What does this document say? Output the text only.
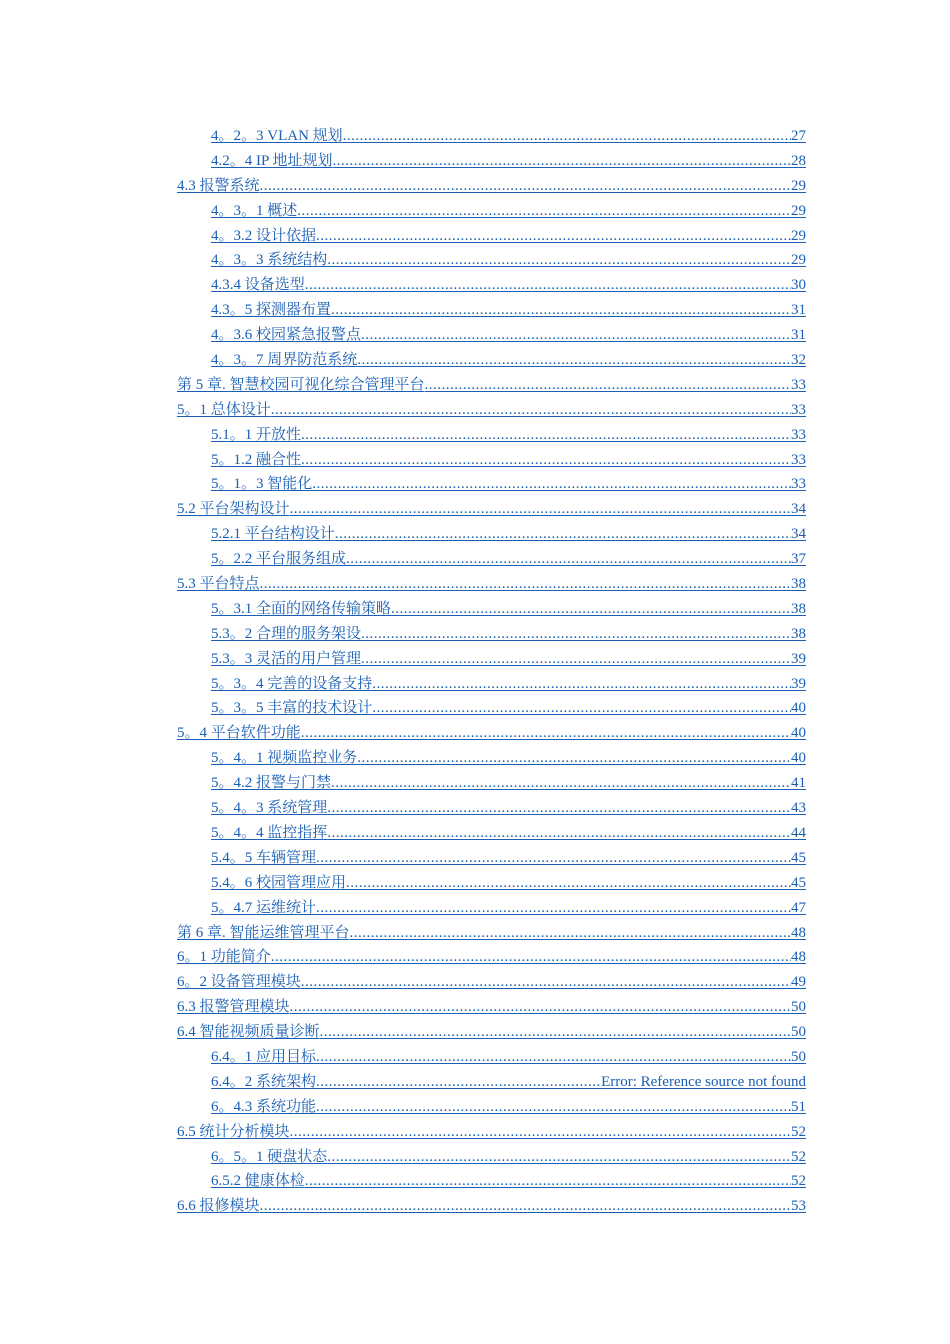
4。2。3 VLAN 规划 .....	27
4.2。4 IP 地址规划 .....	28
4.3 报警系统 .....	29
4。3。1 概述 .....	29
4。3.2 设计依据 .....	29
4。3。3 系统结构 .....	29
4.3.4 设备选型 .....	30
4.3。5 探测器布置 .....	31
4。3.6 校园紧急报警点 .....	31
4。3。7 周界防范系统 .....	32
第 5 章. 智慧校园可视化综合管理平台 .....	33
5。1 总体设计 .....	33
5.1。1 开放性 .....	33
5。1.2 融合性 .....	33
5。1。3 智能化 .....	33
5.2 平台架构设计 .....	34
5.2.1 平台结构设计 .....	34
5。2.2 平台服务组成 .....	37
5.3 平台特点 .....	38
5。3.1 全面的网络传输策略 .....	38
5.3。2 合理的服务架设 .....	38
5.3。3 灵活的用户管理 .....	39
5。3。4 完善的设备支持 .....	39
5。3。5 丰富的技术设计 .....	40
5。4 平台软件功能 .....	40
5。4。1 视频监控业务 .....	40
5。4.2 报警与门禁 .....	41
5。4。3 系统管理 .....	43
5。4。4 监控指挥 .....	44
5.4。5 车辆管理 .....	45
5.4。6 校园管理应用 .....	45
5。4.7 运维统计 .....	47
第 6 章. 智能运维管理平台 .....	48
6。1 功能简介 .....	48
6。2 设备管理模块 .....	49
6.3 报警管理模块 .....	50
6.4 智能视频质量诊断 .....	50
6.4。1 应用目标 .....	50
6.4。2 系统架构 .....	Error: Reference source not found
6。4.3 系统功能 .....	51
6.5 统计分析模块 .....	52
6。5。1 硬盘状态 .....	52
6.5.2 健康体检 .....	52
6.6 报修模块 .....	53
